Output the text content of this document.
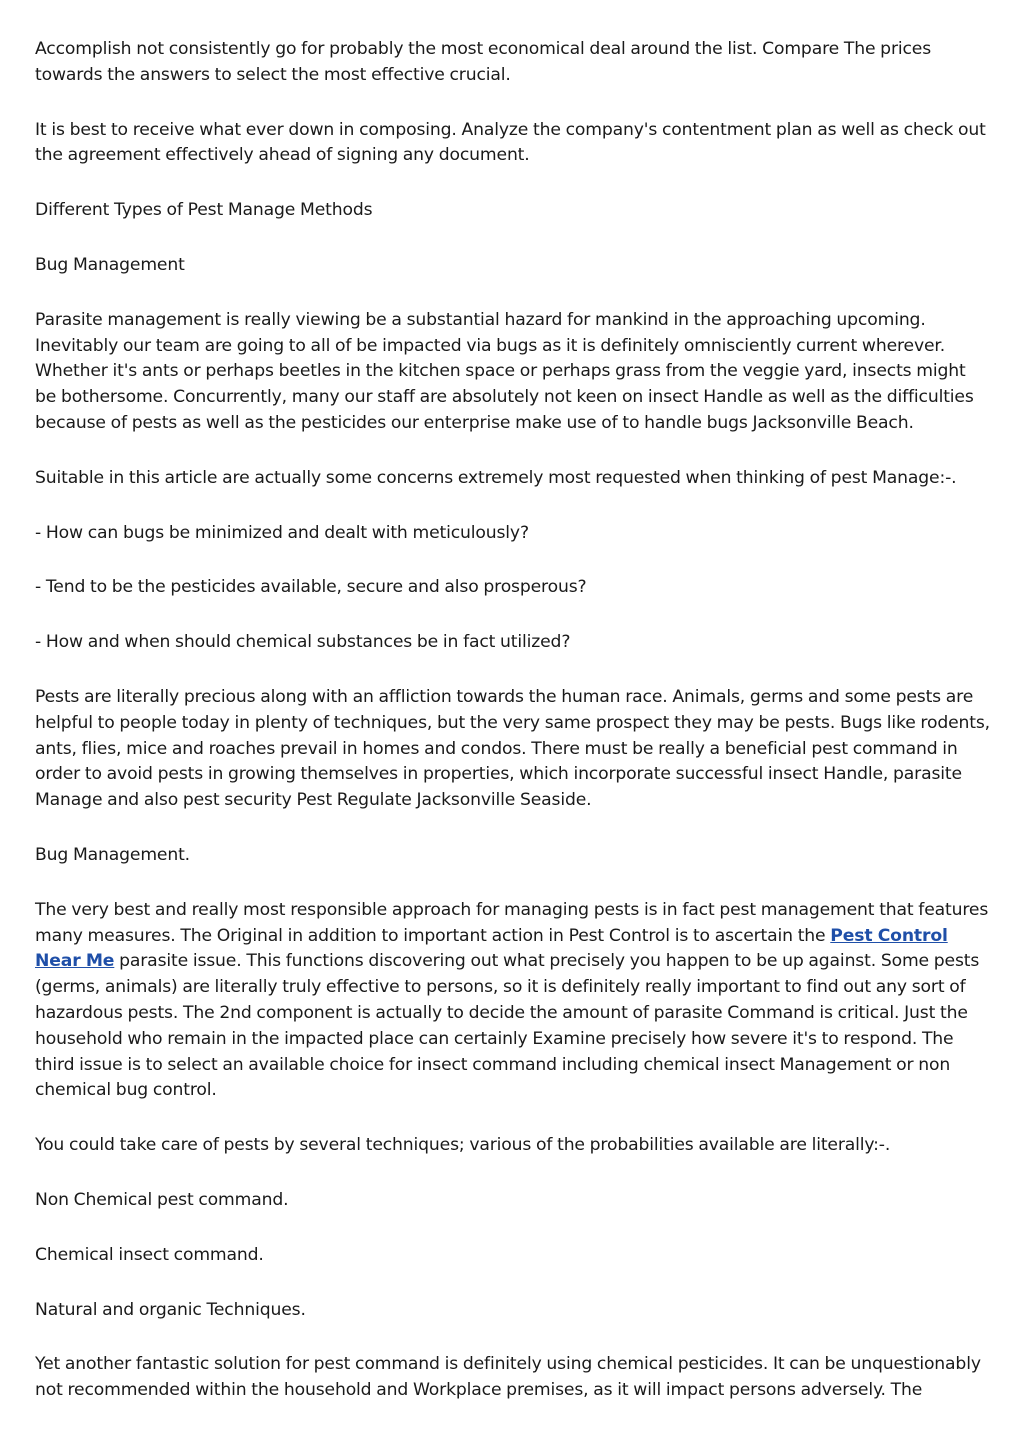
Accomplish not consistently go for probably the most economical deal around the list. Compare The prices towards the answers to select the most effective crucial.

It is best to receive what ever down in composing. Analyze the company's contentment plan as well as check out the agreement effectively ahead of signing any document.

Different Types of Pest Manage Methods

Bug Management

Parasite management is really viewing be a substantial hazard for mankind in the approaching upcoming. Inevitably our team are going to all of be impacted via bugs as it is definitely omnisciently current wherever. Whether it's ants or perhaps beetles in the kitchen space or perhaps grass from the veggie yard, insects might be bothersome. Concurrently, many our staff are absolutely not keen on insect Handle as well as the difficulties because of pests as well as the pesticides our enterprise make use of to handle bugs Jacksonville Beach.

Suitable in this article are actually some concerns extremely most requested when thinking of pest Manage:-.

- How can bugs be minimized and dealt with meticulously?

- Tend to be the pesticides available, secure and also prosperous?

- How and when should chemical substances be in fact utilized?

Pests are literally precious along with an affliction towards the human race. Animals, germs and some pests are helpful to people today in plenty of techniques, but the very same prospect they may be pests. Bugs like rodents, ants, flies, mice and roaches prevail in homes and condos. There must be really a beneficial pest command in order to avoid pests in growing themselves in properties, which incorporate successful insect Handle, parasite Manage and also pest security Pest Regulate Jacksonville Seaside.

Bug Management.

The very best and really most responsible approach for managing pests is in fact pest management that features many measures. The Original in addition to important action in Pest Control is to ascertain the Pest Control Near Me parasite issue. This functions discovering out what precisely you happen to be up against. Some pests (germs, animals) are literally truly effective to persons, so it is definitely really important to find out any sort of hazardous pests. The 2nd component is actually to decide the amount of parasite Command is critical. Just the household who remain in the impacted place can certainly Examine precisely how severe it's to respond. The third issue is to select an available choice for insect command including chemical insect Management or non chemical bug control.

You could take care of pests by several techniques; various of the probabilities available are literally:-.

Non Chemical pest command.

Chemical insect command.

Natural and organic Techniques.

Yet another fantastic solution for pest command is definitely using chemical pesticides. It can be unquestionably not recommended within the household and Workplace premises, as it will impact persons adversely. The
